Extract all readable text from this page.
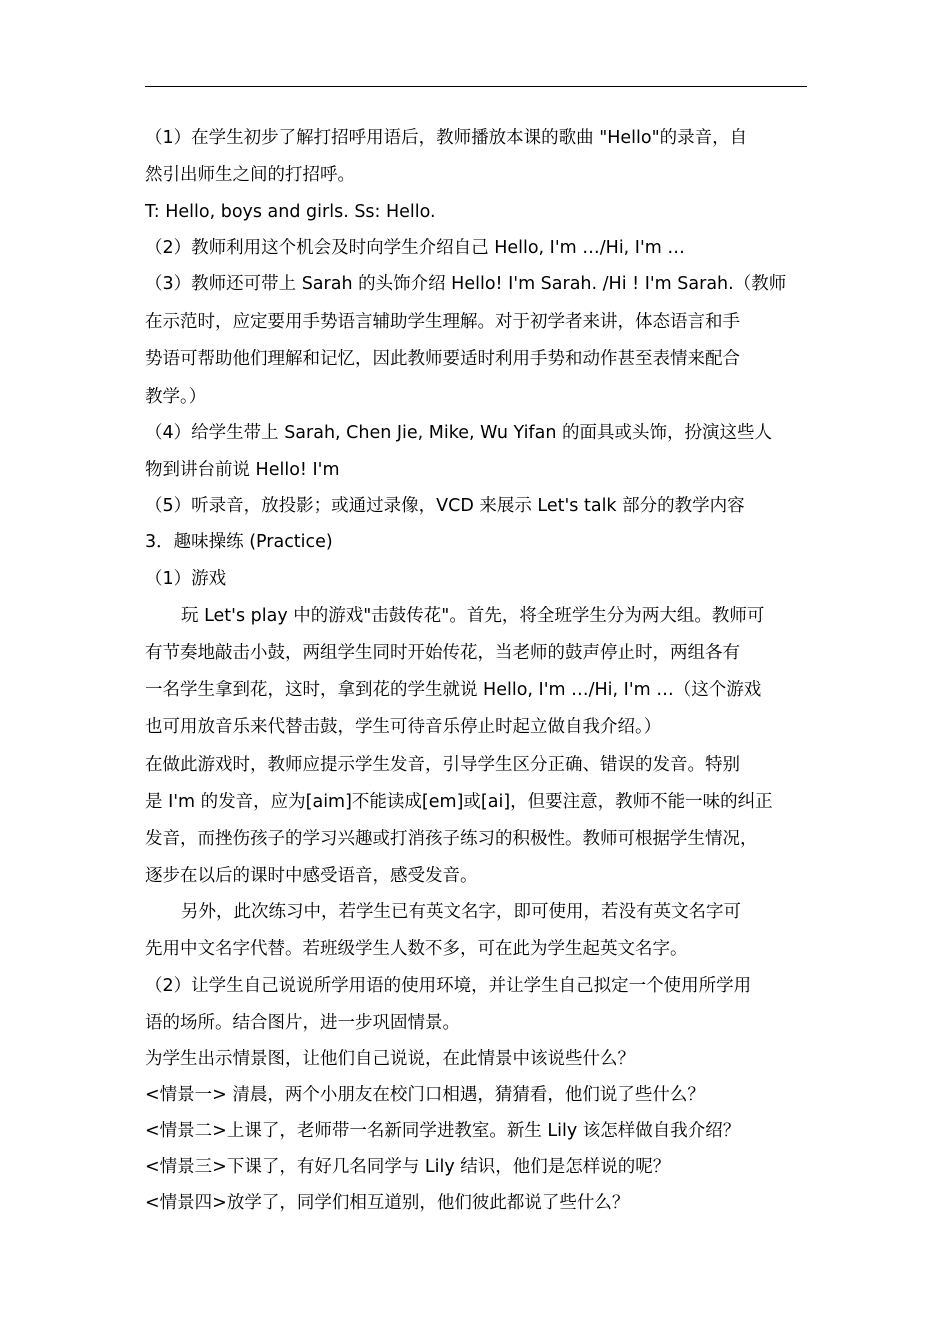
（1）在学生初步了解打招呼用语后，教师播放本课的歌曲 "Hello"的录音，自
然引出师生之间的打招呼。
T: Hello, boys and girls. Ss: Hello.
（2）教师利用这个机会及时向学生介绍自己 Hello, I'm …/Hi, I'm …
（3）教师还可带上 Sarah 的头饰介绍 Hello! I'm Sarah. /Hi ! I'm Sarah.（教师
在示范时，应定要用手势语言辅助学生理解。对于初学者来讲，体态语言和手
势语可帮助他们理解和记忆，因此教师要适时利用手势和动作甚至表情来配合
教学。）
（4）给学生带上 Sarah, Chen Jie, Mike, Wu Yifan 的面具或头饰，扮演这些人
物到讲台前说 Hello! I'm
（5）听录音，放投影；或通过录像，VCD 来展示 Let's talk 部分的教学内容
3．趣味操练 (Practice)
（1）游戏
玩 Let's play 中的游戏"击鼓传花"。首先，将全班学生分为两大组。教师可
有节奏地敲击小鼓，两组学生同时开始传花，当老师的鼓声停止时，两组各有
一名学生拿到花，这时，拿到花的学生就说 Hello, I'm …/Hi, I'm …（这个游戏
也可用放音乐来代替击鼓，学生可待音乐停止时起立做自我介绍。）
在做此游戏时，教师应提示学生发音，引导学生区分正确、错误的发音。特别
是 I'm 的发音，应为[aim]不能读成[em]或[ai]，但要注意，教师不能一味的纠正
发音，而挫伤孩子的学习兴趣或打消孩子练习的积极性。教师可根据学生情况，
逐步在以后的课时中感受语音，感受发音。
另外，此次练习中，若学生已有英文名字，即可使用，若没有英文名字可
先用中文名字代替。若班级学生人数不多，可在此为学生起英文名字。
（2）让学生自己说说所学用语的使用环境，并让学生自己拟定一个使用所学用
语的场所。结合图片，进一步巩固情景。
为学生出示情景图，让他们自己说说，在此情景中该说些什么？
<情景一> 清晨，两个小朋友在校门口相遇，猜猜看，他们说了些什么？
<情景二>上课了，老师带一名新同学进教室。新生 Lily 该怎样做自我介绍？
<情景三>下课了，有好几名同学与 Lily 结识，他们是怎样说的呢？
<情景四>放学了，同学们相互道别，他们彼此都说了些什么？
